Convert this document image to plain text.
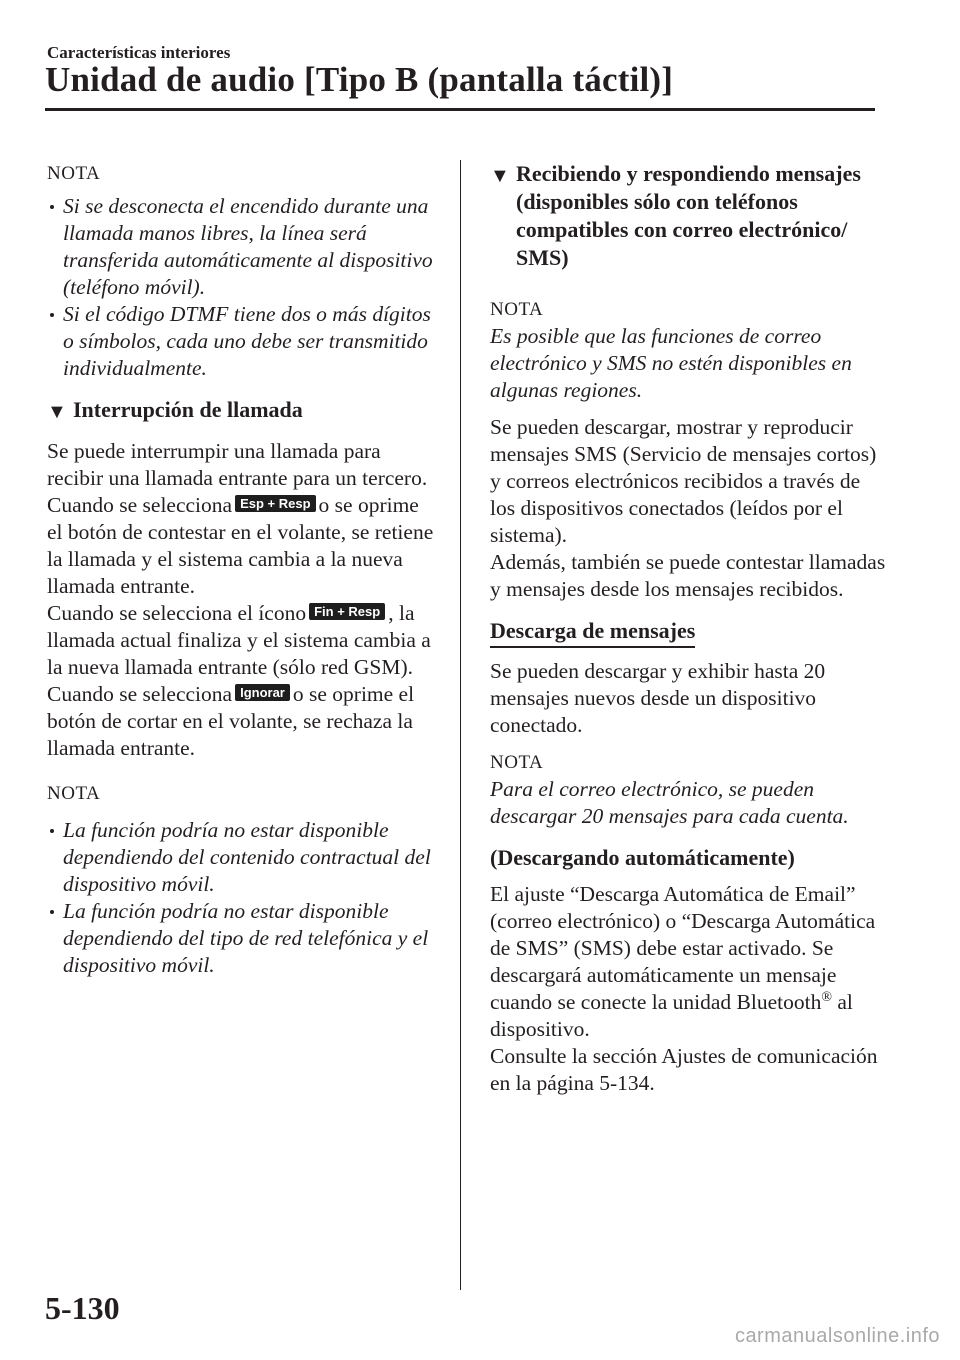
Características interiores
Unidad de audio [Tipo B (pantalla táctil)]

NOTA

Si se desconecta el encendido durante una llamada manos libres, la línea será transferida automáticamente al dispositivo (teléfono móvil).
Si el código DTMF tiene dos o más dígitos o símbolos, cada uno debe ser transmitido individualmente.
▼ Interrupción de llamada

Se puede interrumpir una llamada para recibir una llamada entrante para un tercero.

Cuando se selecciona Esp + Resp o se oprime el botón de contestar en el volante, se retiene la llamada y el sistema cambia a la nueva llamada entrante.

Cuando se selecciona el ícono Fin + Resp , la llamada actual finaliza y el sistema cambia a la nueva llamada entrante (sólo red GSM).

Cuando se selecciona Ignorar o se oprime el botón de cortar en el volante, se rechaza la llamada entrante.

NOTA

La función podría no estar disponible dependiendo del contenido contractual del dispositivo móvil.
La función podría no estar disponible dependiendo del tipo de red telefónica y el dispositivo móvil.
▼ Recibiendo y respondiendo mensajes (disponibles sólo con teléfonos compatibles con correo electrónico/ SMS)

NOTA

Es posible que las funciones de correo electrónico y SMS no estén disponibles en algunas regiones.

Se pueden descargar, mostrar y reproducir mensajes SMS (Servicio de mensajes cortos) y correos electrónicos recibidos a través de los dispositivos conectados (leídos por el sistema).

Además, también se puede contestar llamadas y mensajes desde los mensajes recibidos.

Descarga de mensajes

Se pueden descargar y exhibir hasta 20 mensajes nuevos desde un dispositivo conectado.

NOTA

Para el correo electrónico, se pueden descargar 20 mensajes para cada cuenta.

(Descargando automáticamente)

El ajuste “Descarga Automática de Email” (correo electrónico) o “Descarga Automática de SMS” (SMS) debe estar activado. Se descargará automáticamente un mensaje cuando se conecte la unidad Bluetooth® al dispositivo.

Consulte la sección Ajustes de comunicación en la página 5-134.

5-130
carmanualsonline.info
